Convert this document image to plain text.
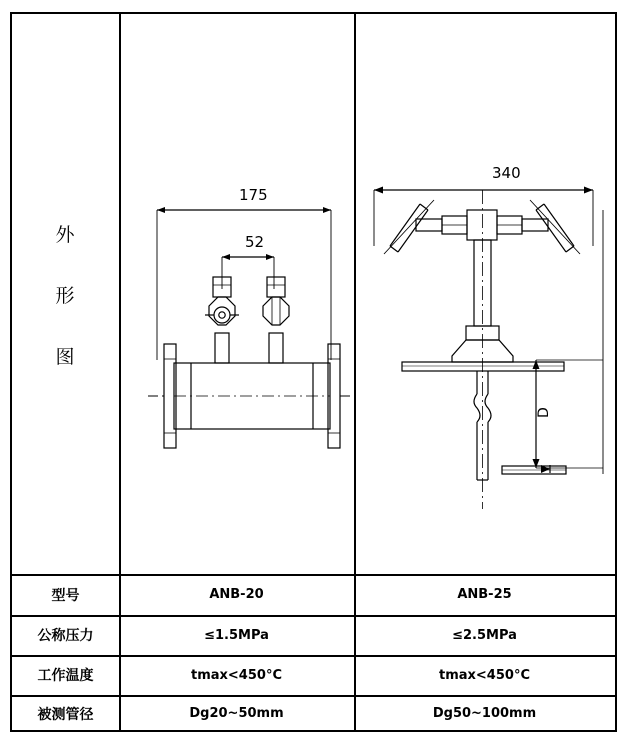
外
形
图
175
52
340
D
型号	ANB-20	ANB-25
公称压力	≤1.5MPa	≤2.5MPa
工作温度	tmax<450°C	tmax<450°C
被测管径	Dg20~50mm	Dg50~100mm
